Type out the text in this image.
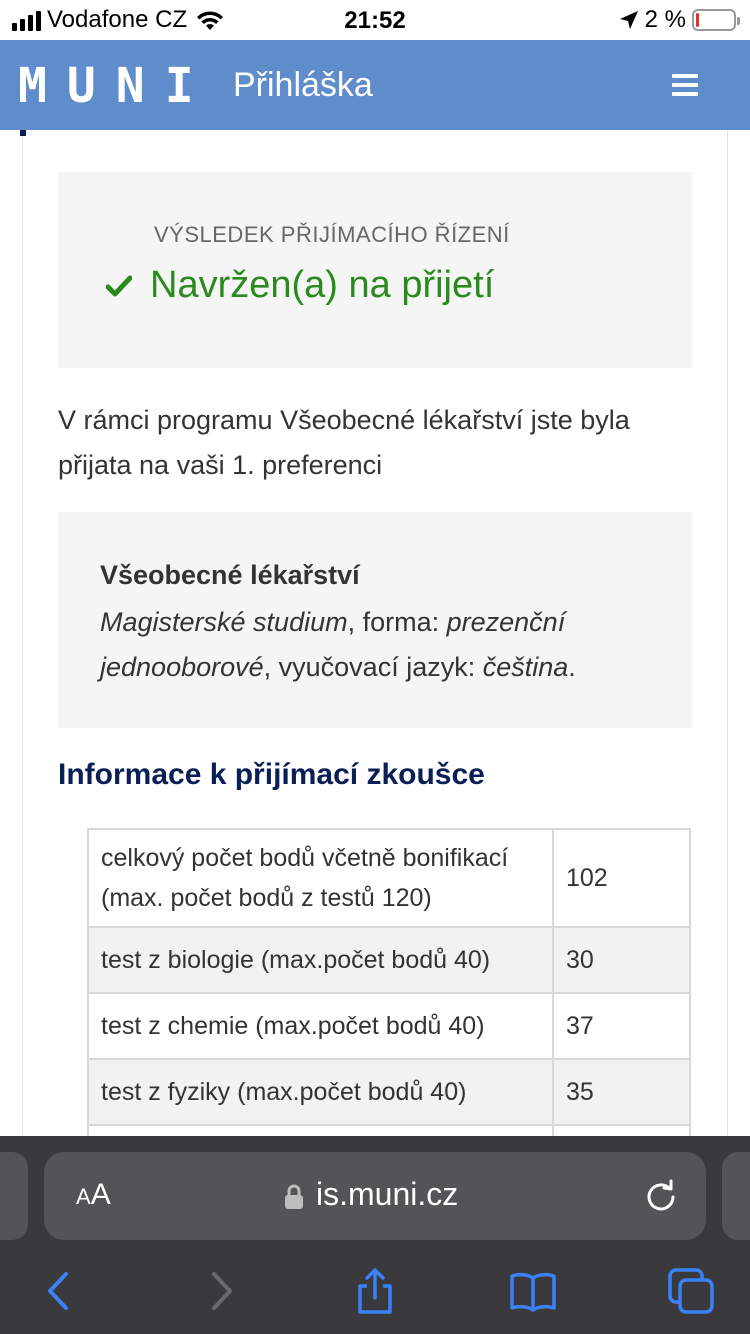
Vodafone CZ	21:52	2 %
MUNI Přihláška
VÝSLEDEK PŘIJÍMACÍHO ŘÍZENÍ
Navržen(a) na přijetí
V rámci programu Všeobecné lékařství jste byla přijata na vaši 1. preferenci
Všeobecné lékařství
Magisterské studium, forma: prezenční jednooborové, vyučovací jazyk: čeština.
Informace k přijímací zkoušce
celkový počet bodů včetně bonifikací (max. počet bodů z testů 120)	102
test z biologie (max.počet bodů 40)	30
test z chemie (max.počet bodů 40)	37
test z fyziky (max.počet bodů 40)	35

AA	is.muni.cz
